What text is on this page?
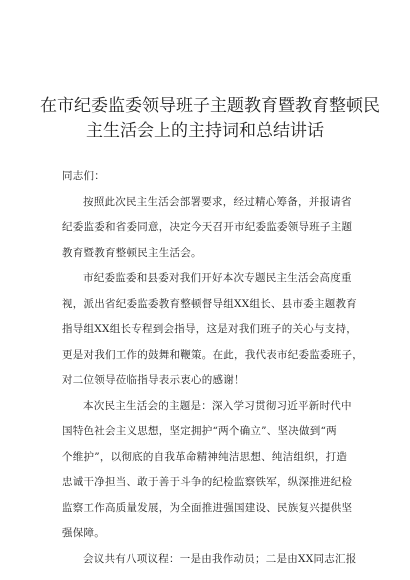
在市纪委监委领导班子主题教育暨教育整顿民
主生活会上的主持词和总结讲话
同志们：
按照此次民主生活会部署要求，经过精心筹备，并报请省
纪委监委和省委同意，决定今天召开市纪委监委领导班子主题
教育暨教育整顿民主生活会。
市纪委监委和县委对我们开好本次专题民主生活会高度重
视，派出省纪委监委教育整顿督导组XX组长、县市委主题教育
指导组XX组长专程到会指导，这是对我们班子的关心与支持，
更是对我们工作的鼓舞和鞭策。在此，我代表市纪委监委班子，
对二位领导莅临指导表示衷心的感谢！
本次民主生活会的主题是：深入学习贯彻习近平新时代中
国特色社会主义思想，坚定拥护“两个确立”、坚决做到“两
个维护”，以彻底的自我革命精神纯洁思想、纯洁组织，打造
忠诚干净担当、敢于善于斗争的纪检监察铁军，纵深推进纪检
监察工作高质量发展，为全面推进强国建设、民族复兴提供坚
强保障。
会议共有八项议程：一是由我作动员；二是由XX同志汇报
